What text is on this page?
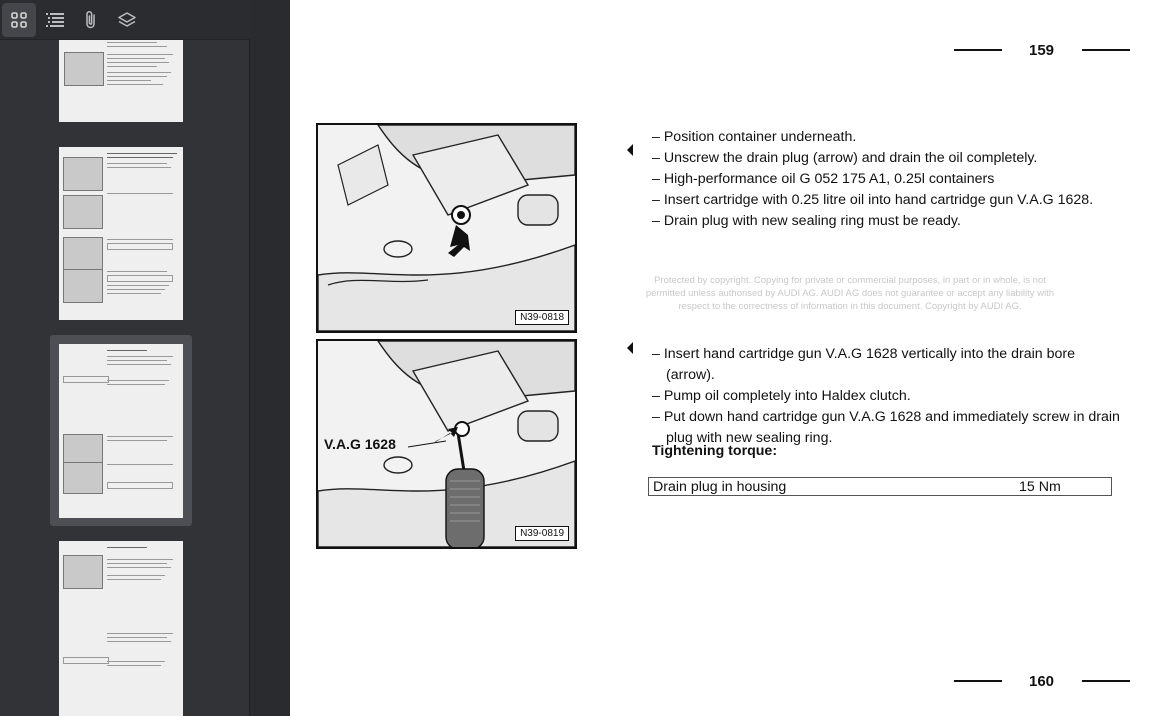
159
N39-0818
V.A.G 1628
N39-0819
– Position container underneath.
– Unscrew the drain plug (arrow) and drain the oil completely.
– High-performance oil G 052 175 A1, 0.25l containers
– Insert cartridge with 0.25 litre oil into hand cartridge gun V.A.G 1628.
– Drain plug with new sealing ring must be ready.
Protected by copyright. Copying for private or commercial purposes, in part or in whole, is not permitted unless authorised by AUDI AG. AUDI AG does not guarantee or accept any liability with respect to the correctness of information in this document. Copyright by AUDI AG.
– Insert hand cartridge gun V.A.G 1628 vertically into the drain bore (arrow).
– Pump oil completely into Haldex clutch.
– Put down hand cartridge gun V.A.G 1628 and immediately screw in drain plug with new sealing ring.
Tightening torque:
Drain plug in housing	15 Nm
160
